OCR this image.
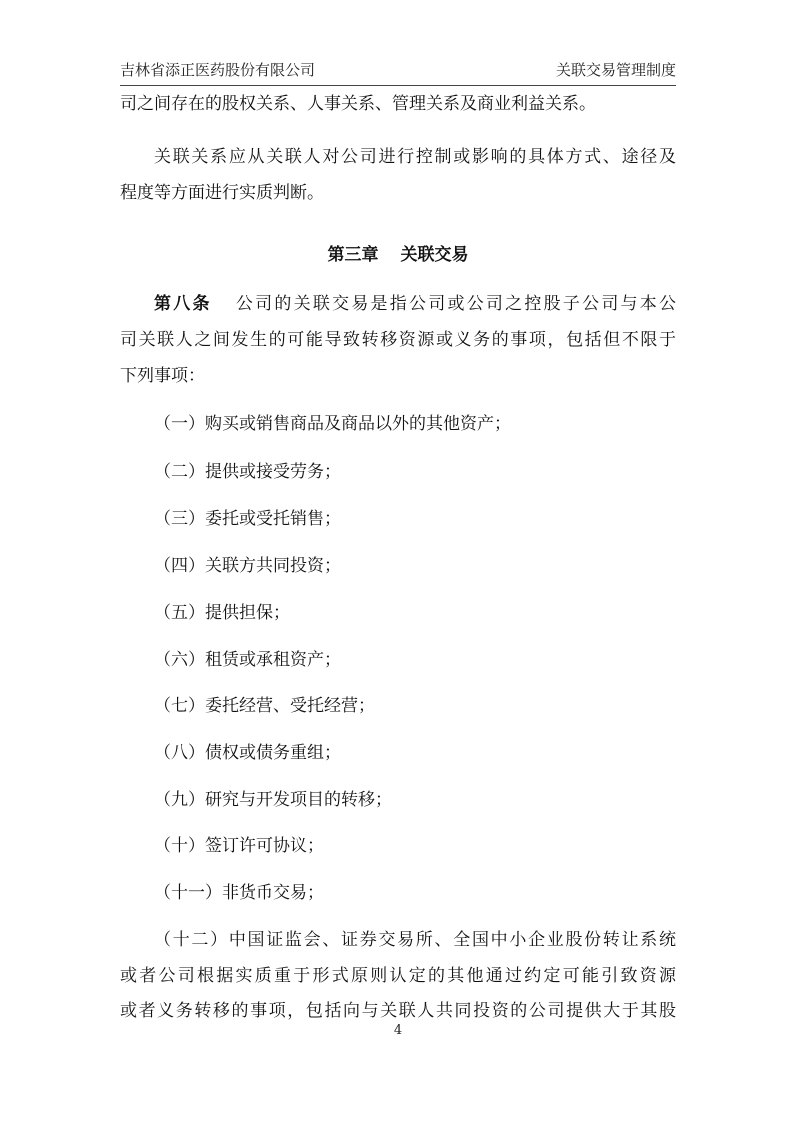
吉林省添正医药股份有限公司	关联交易管理制度
司之间存在的股权关系、人事关系、管理关系及商业利益关系。
关联关系应从关联人对公司进行控制或影响的具体方式、途径及
程度等方面进行实质判断。
第三章 关联交易
第八条 公司的关联交易是指公司或公司之控股子公司与本公
司关联人之间发生的可能导致转移资源或义务的事项，包括但不限于
下列事项：
（一）购买或销售商品及商品以外的其他资产；
（二）提供或接受劳务；
（三）委托或受托销售；
（四）关联方共同投资；
（五）提供担保；
（六）租赁或承租资产；
（七）委托经营、受托经营；
（八）债权或债务重组；
（九）研究与开发项目的转移；
（十）签订许可协议；
（十一）非货币交易；
（十二）中国证监会、证券交易所、全国中小企业股份转让系统
或者公司根据实质重于形式原则认定的其他通过约定可能引致资源
或者义务转移的事项，包括向与关联人共同投资的公司提供大于其股
4
